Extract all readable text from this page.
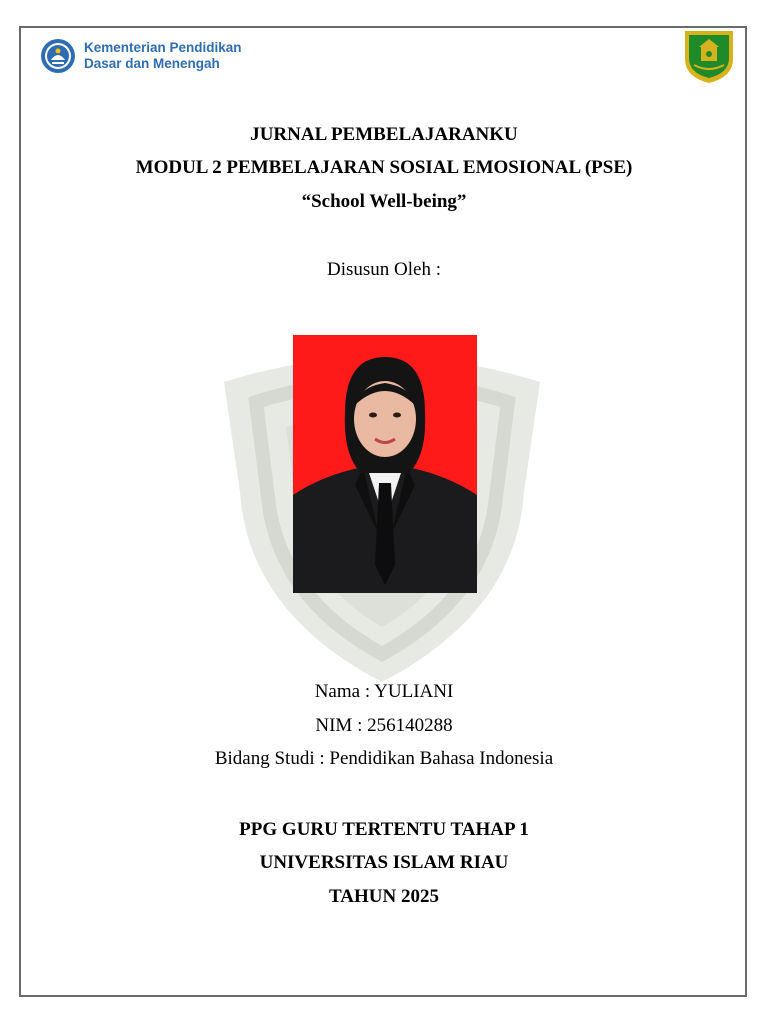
Kementerian Pendidikan
Dasar dan Menengah
JURNAL PEMBELAJARANKU
MODUL 2 PEMBELAJARAN SOSIAL EMOSIONAL (PSE)
“School Well-being”
Disusun Oleh :
Nama : YULIANI
NIM : 256140288
Bidang Studi : Pendidikan Bahasa Indonesia
PPG GURU TERTENTU TAHAP 1
UNIVERSITAS ISLAM RIAU
TAHUN 2025
